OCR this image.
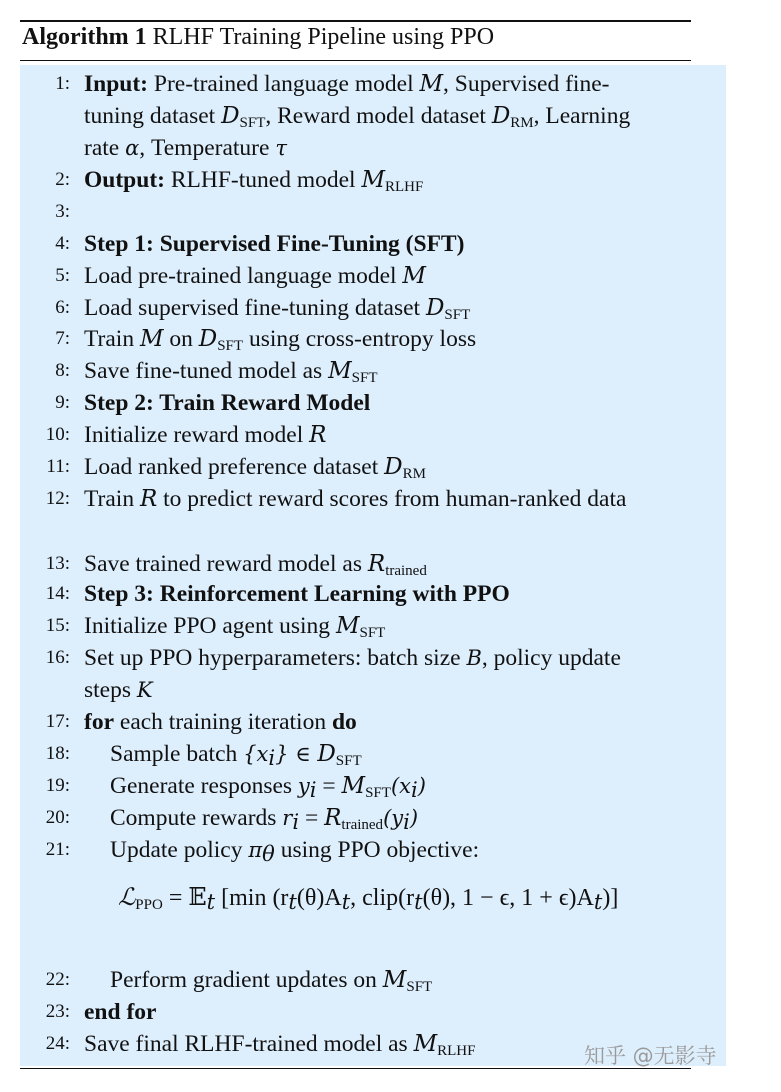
Algorithm 1 RLHF Training Pipeline using PPO
1: Input: Pre-trained language model M, Supervised fine-
tuning dataset $D_{SFT}$, Reward model dataset $D_{RM}$, Learning
rate α, Temperature τ
2: Output: RLHF-tuned model $M_{RLHF}$
3:
4: Step 1: Supervised Fine-Tuning (SFT)
5: Load pre-trained language model M
6: Load supervised fine-tuning dataset $D_{SFT}$
7: Train M on $D_{SFT}$ using cross-entropy loss
8: Save fine-tuned model as $M_{SFT}$
9: Step 2: Train Reward Model
10: Initialize reward model R
11: Load ranked preference dataset $D_{RM}$
12: Train R to predict reward scores from human-ranked data
13: Save trained reward model as $R_{trained}$
14: Step 3: Reinforcement Learning with PPO
15: Initialize PPO agent using $M_{SFT}$
16: Set up PPO hyperparameters: batch size B, policy update
steps K
17: for each training iteration do
18: Sample batch $\{x_i\}$ ∈ $D_{SFT}$
19: Generate responses $y_i = M_{SFT}(x_i)$
20: Compute rewards $r_i = R_{trained}(y_i)$
21: Update policy $\pi_\theta$ using PPO objective:
ℒ$_{PPO}$ = 𝔼$_t$ [min ($r_t(\theta)A_t$, $clip(r_t(\theta)$, 1 − ϵ, $1 + \epsilon)A_t$)]
22: Perform gradient updates on $M_{SFT}$
23: end for
24: Save final RLHF-trained model as $M_{RLHF}$	知乎 @无影寺
